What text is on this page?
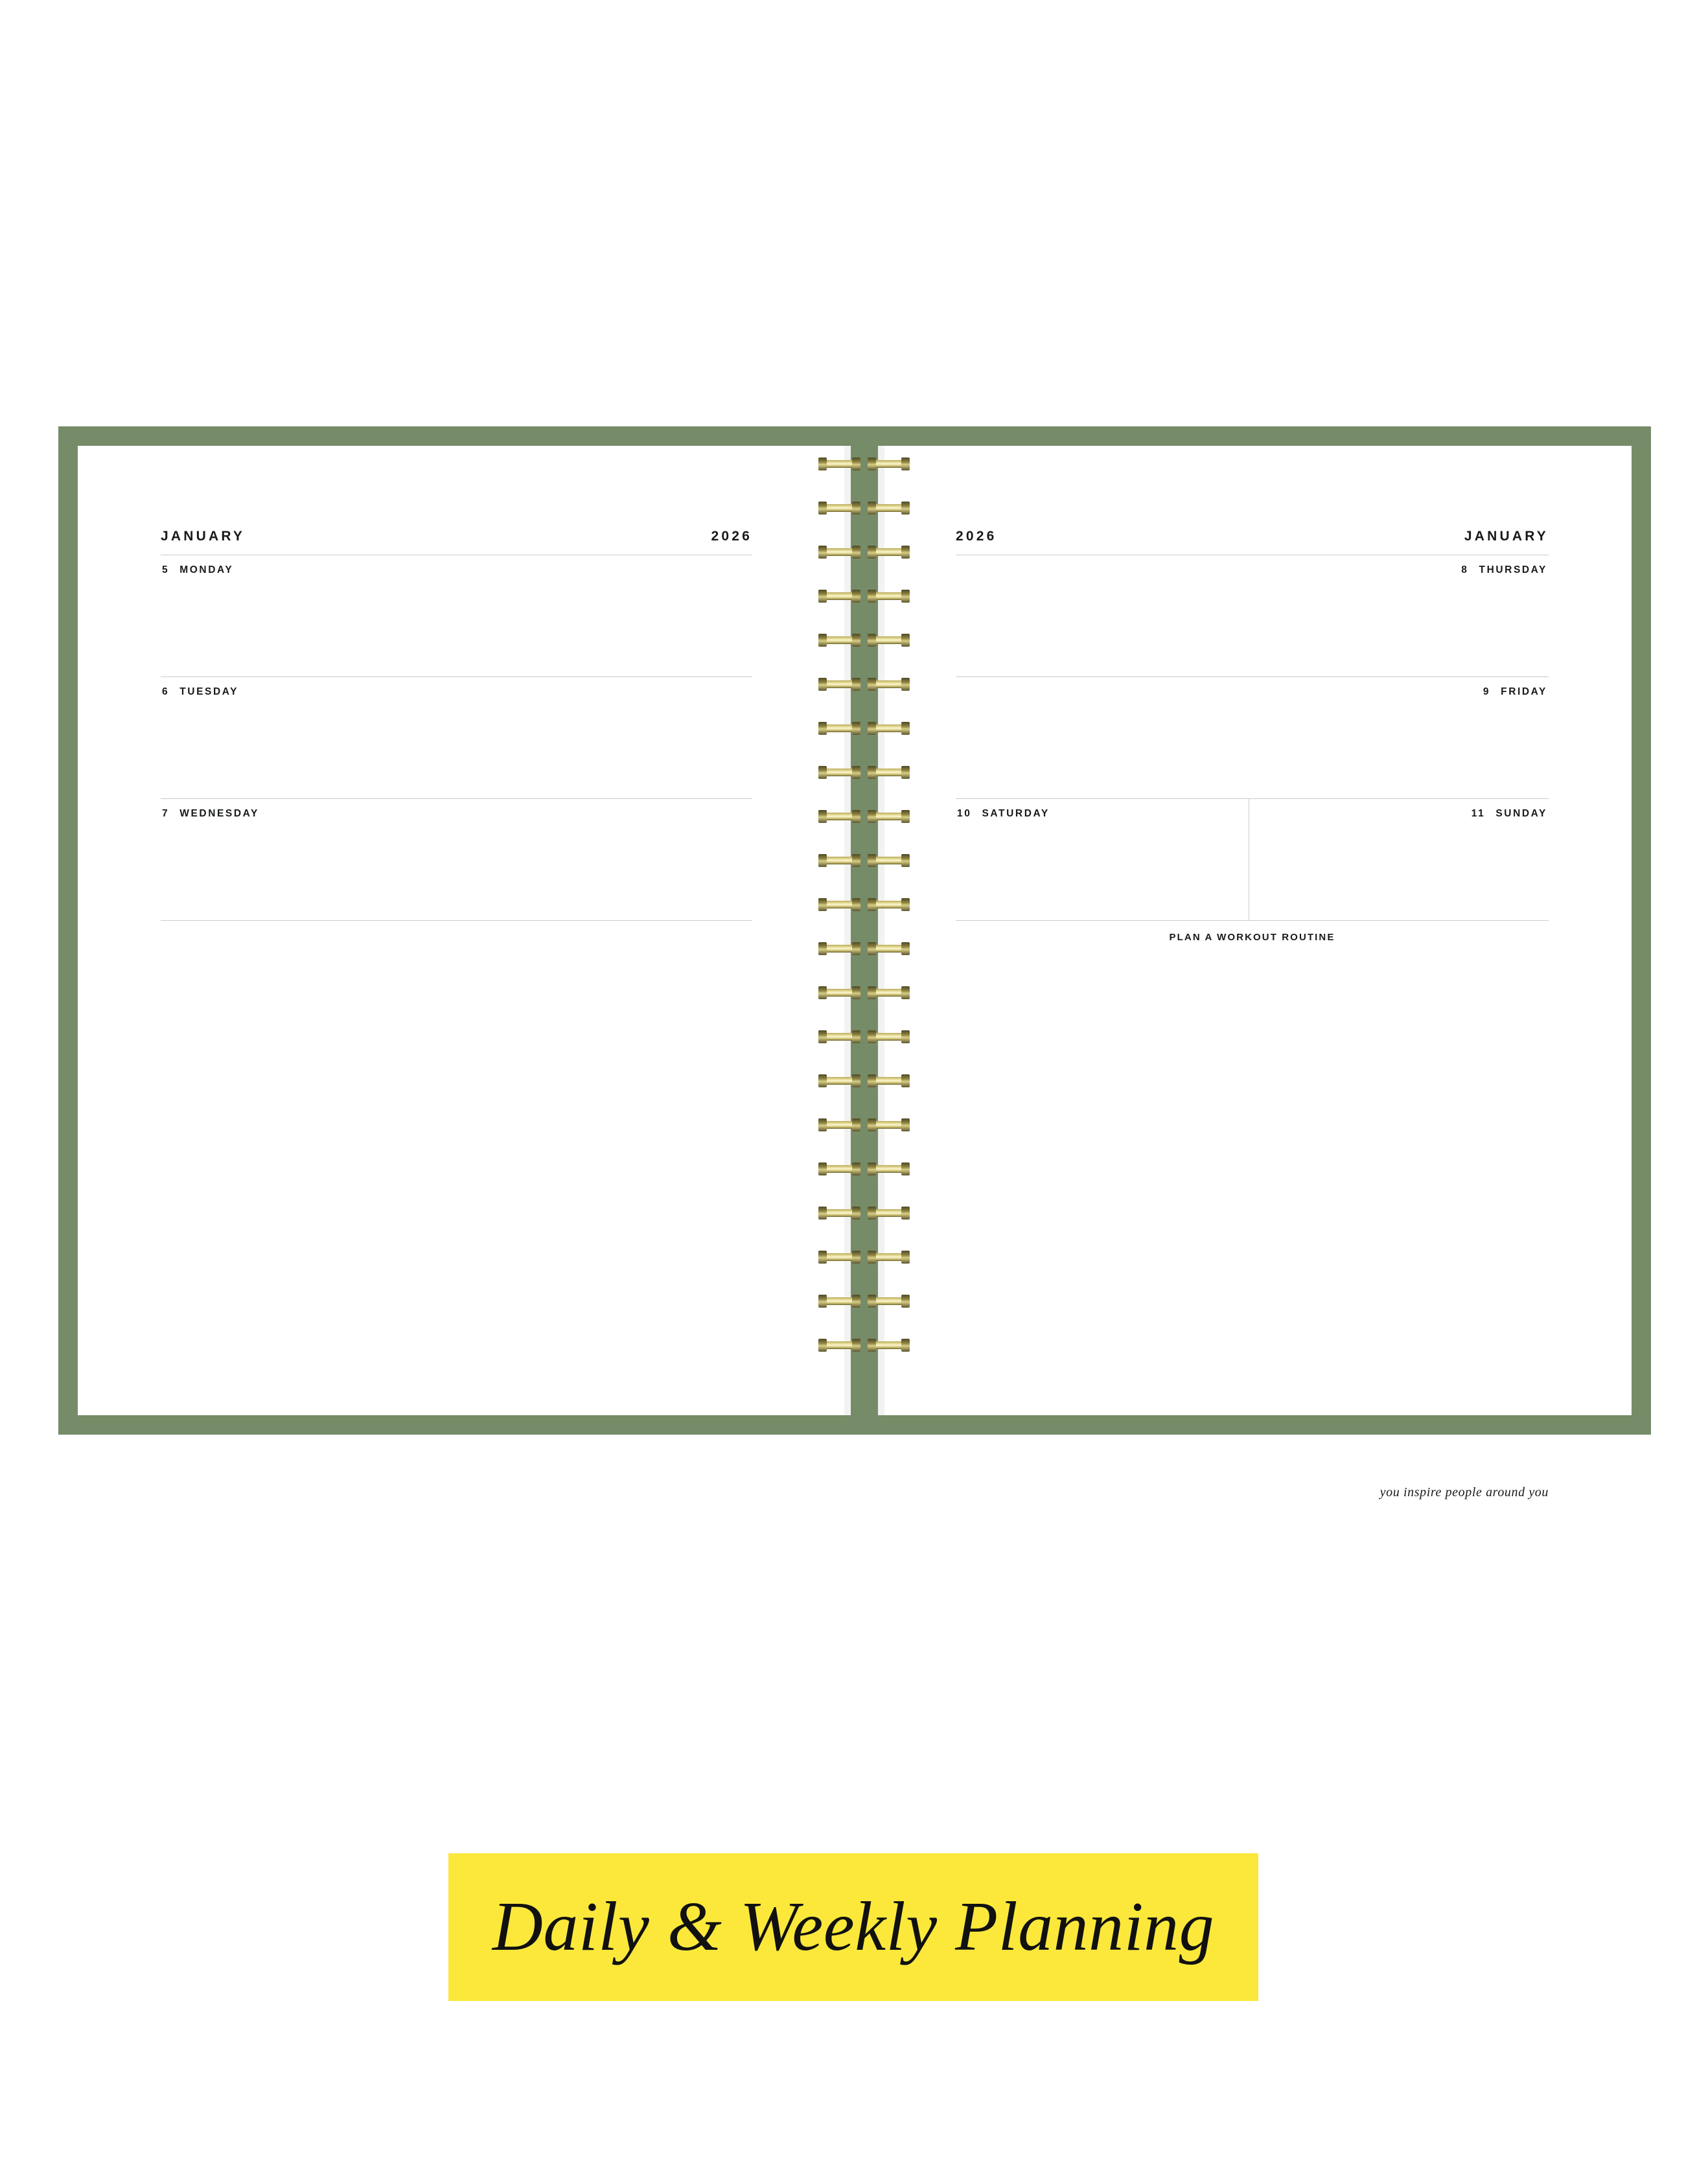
JANUARY	2026
5 MONDAY
6 TUESDAY
7 WEDNESDAY
2026	JANUARY
8 THURSDAY
9 FRIDAY
you inspire people around you
10 SATURDAY	11 SUNDAY
PLAN A WORKOUT ROUTINE
Daily & Weekly Planning
